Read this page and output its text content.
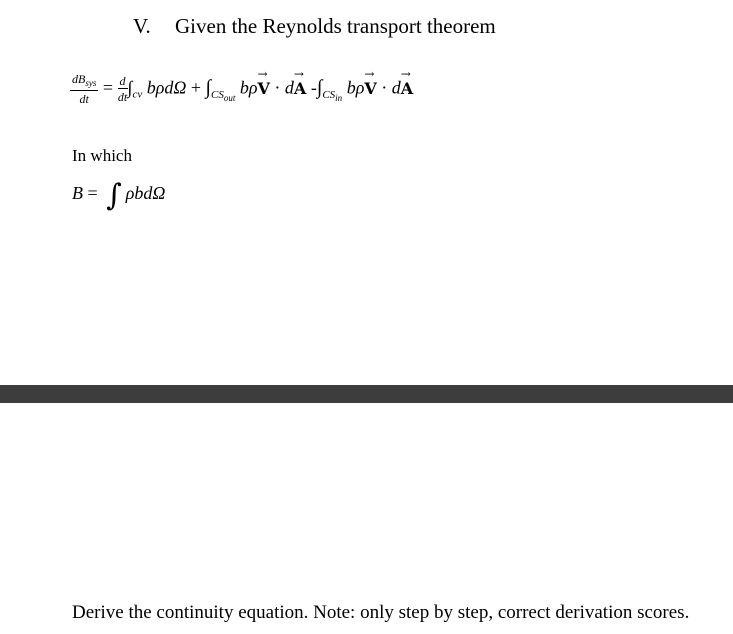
V. Given the Reynolds transport theorem
$\frac{dB_{sys}}{dt} = \frac{d}{dt} \int_{cv}$ $b\rho d\Omega + \int_{CS_{out}}$ bρ→ V · d→ A $-\int_{CS_{in}}$ bρ→ V · d→ A
In which
B = ∫ ρbdΩ
Derive the continuity equation. Note: only step by step, correct derivation scores.
